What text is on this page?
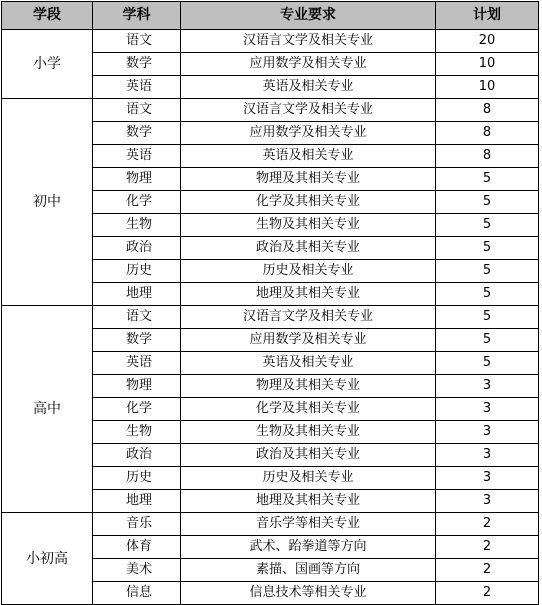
学段	学科	专业要求	计划
小学	语文	汉语言文学及相关专业	20
	数学	应用数学及相关专业	10
	英语	英语及相关专业	10
初中	语文	汉语言文学及相关专业	8
	数学	应用数学及相关专业	8
	英语	英语及相关专业	8
	物理	物理及其相关专业	5
	化学	化学及其相关专业	5
	生物	生物及其相关专业	5
	政治	政治及其相关专业	5
	历史	历史及相关专业	5
	地理	地理及其相关专业	5
高中	语文	汉语言文学及相关专业	5
	数学	应用数学及相关专业	5
	英语	英语及相关专业	5
	物理	物理及其相关专业	3
	化学	化学及其相关专业	3
	生物	生物及其相关专业	3
	政治	政治及其相关专业	3
	历史	历史及相关专业	3
	地理	地理及其相关专业	3
小初高	音乐	音乐学等相关专业	2
	体育	武术、跆拳道等方向	2
	美术	素描、国画等方向	2
	信息	信息技术等相关专业	2
